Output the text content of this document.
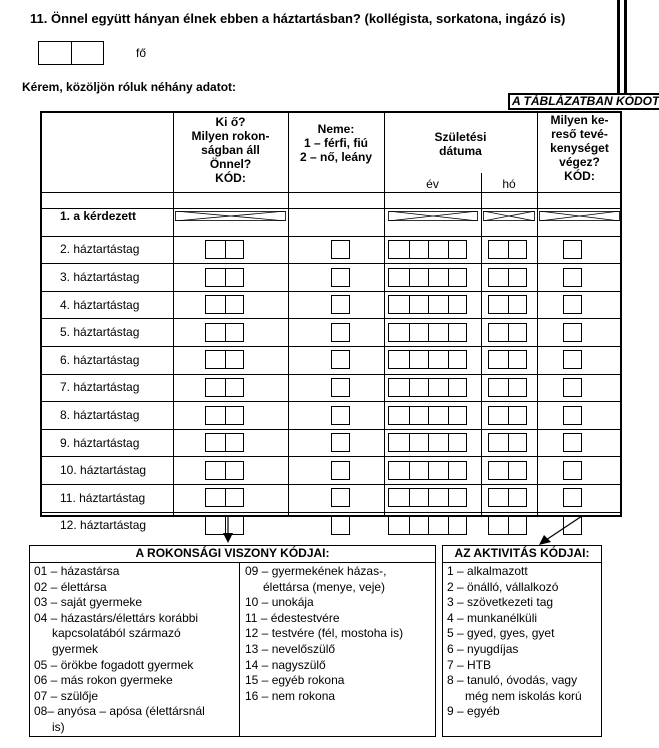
11. Önnel együtt hányan élnek ebben a háztartásban? (kollégista, sorkatona, ingázó is)
fő
Kérem, közöljön róluk néhány adatot:
A TÁBLÁZATBAN KÓDOT
Ki ő?
Milyen rokon-
ságban áll
Önnel?
KÓD:
Neme:
1 – férfi, fiú
2 – nő, leány
Születési
dátuma
év	hó
Milyen ke-
reső tevé-
kenységet
végez?
KÓD:
1. a kérdezett
2. háztartástag
3. háztartástag
4. háztartástag
5. háztartástag
6. háztartástag
7. háztartástag
8. háztartástag
9. háztartástag
10. háztartástag
11. háztartástag
12. háztartástag
A ROKONSÁGI VISZONY KÓDJAI:
01 – házastársa
02 – élettársa
03 – saját gyermeke
04 – házastárs/élettárs korábbi
kapcsolatából származó
gyermek
05 – örökbe fogadott gyermek
06 – más rokon gyermeke
07 – szülője
08– anyósa – apósa (élettársnál
is)
09 – gyermekének házas-,
élettársa (menye, veje)
10 – unokája
11 – édestestvére
12 – testvére (fél, mostoha is)
13 – nevelőszülő
14 – nagyszülő
15 – egyéb rokona
16 – nem rokona
AZ AKTIVITÁS KÓDJAI:
1 – alkalmazott
2 – önálló, vállalkozó
3 – szövetkezeti tag
4 – munkanélküli
5 – gyed, gyes, gyet
6 – nyugdíjas
7 – HTB
8 – tanuló, óvodás, vagy
még nem iskolás korú
9 – egyéb
